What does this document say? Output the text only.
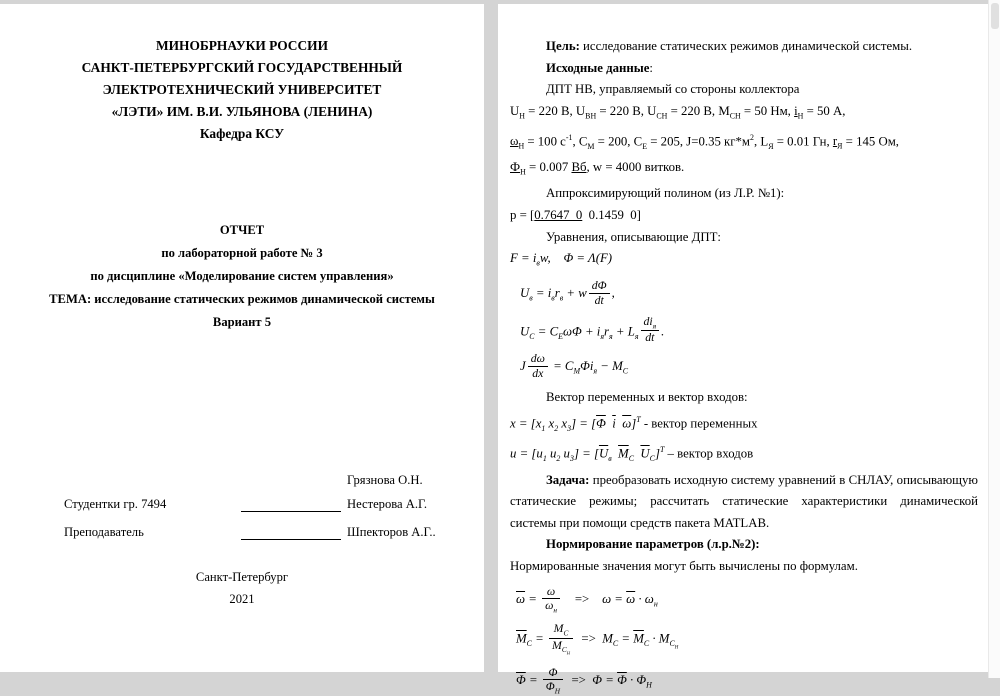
МИНОБРНАУКИ РОССИИ
САНКТ-ПЕТЕРБУРГСКИЙ ГОСУДАРСТВЕННЫЙ
ЭЛЕКТРОТЕХНИЧЕСКИЙ УНИВЕРСИТЕТ
«ЛЭТИ» ИМ. В.И. УЛЬЯНОВА (ЛЕНИНА)
Кафедра КСУ
ОТЧЕТ
по лабораторной работе № 3
по дисциплине «Моделирование систем управления»
ТЕМА: исследование статических режимов динамической системы
Вариант 5
Грязнова О.Н.
Студентки гр. 7494	Нестерова А.Г.
Преподаватель	Шпекторов А.Г..
Санкт-Петербург
2021

Цель: исследование статических режимов динамической системы.

Исходные данные:

ДПТ НВ, управляемый со стороны коллектора

$U_Н = 220$ В, $U_{ВН} = 220$ В, $U_{СН} = 220$ В, $M_{СН} = 50$ Нм, $i_Н = 50$ А,

$\omega_Н = 100$ $с^{-1}$, $C_М = 200$, $C_Е = 205$, J=0.35 $кг*м^2$, $L_Я = 0.01$ Гн, $r_Я = 145$ Ом,

$Ф_Н = 0.007$ Вб, w = 4000 витков.

Аппроксимирующий полином (из Л.Р. №1):

p = [0.7647  0  0.1459  0]

Уравнения, описывающие ДПТ:

$F = i_вw$, Φ = Λ(F)

$U_в = i_вr_в + w \frac{d\Phi}{dt}$ ,

$U_С = C_Е\omega\Phi + i_яr_я + L_я \frac{di_я}{dt}$ .

J $\frac{d\omega}{dx} = C_М\Phi i_я - M_С$

Вектор переменных и вектор входов:

$x = [x_1$ $x_2$ $x_3] = [\overline{\Phi}$ $\overline{i}$ $\overline{\omega}]^T$ - вектор переменных

$u = [u_1$ $u_2$ $u_3] = [\overline{U}_в$ $\overline{M}_С$ $\overline{U}_С]^T$ – вектор входов

Задача: преобразовать исходную систему уравнений в СНЛАУ, описывающую статические режимы; рассчитать статические характеристики динамической системы при помощи средств пакета MATLAB.

Нормирование параметров (л.р.№2):

Нормированные значения могут быть вычислены по формулам.

$\overline{\omega} = \frac{\omega}{\omega_н}$  => $\omega = \overline{\omega} \cdot \omega_н$

$\overline{M}_С = \frac{M_С}{M_{С_Н}}$  => $M_С = \overline{M}_С \cdot M_{С_Н}$

$\overline{\Phi} = \frac{\Phi}{\Phi_Н}$  => $\Phi = \overline{\Phi} \cdot \Phi_Н$
